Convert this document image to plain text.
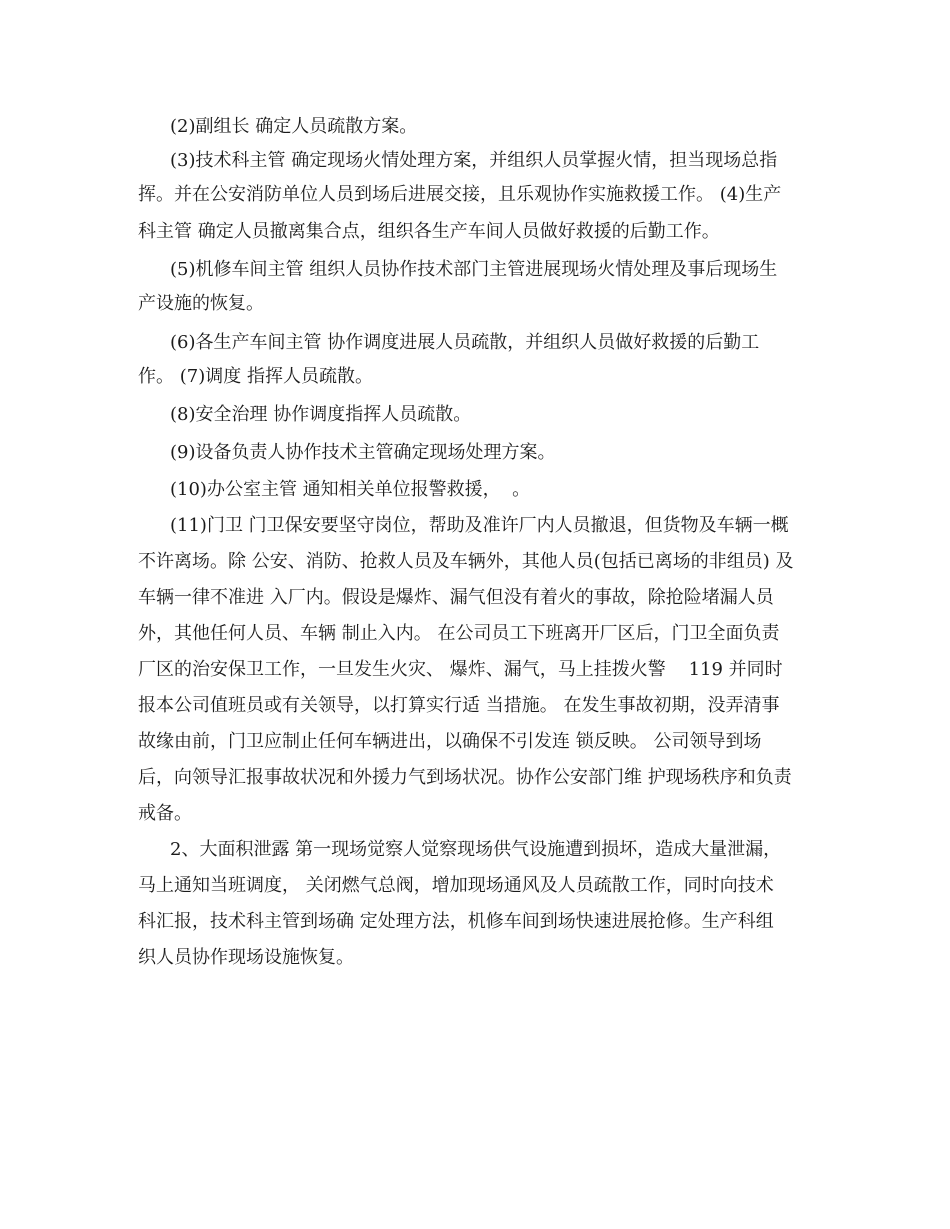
(2)副组长 确定人员疏散方案。

(3)技术科主管 确定现场火情处理方案，并组织人员掌握火情，担当现场总指

挥。并在公安消防单位人员到场后进展交接，且乐观协作实施救援工作。 (4)生产

科主管 确定人员撤离集合点，组织各生产车间人员做好救援的后勤工作。

(5)机修车间主管 组织人员协作技术部门主管进展现场火情处理及事后现场生

产设施的恢复。

(6)各生产车间主管 协作调度进展人员疏散，并组织人员做好救援的后勤工

作。 (7)调度 指挥人员疏散。

(8)安全治理 协作调度指挥人员疏散。

(9)设备负责人协作技术主管确定现场处理方案。

(10)办公室主管 通知相关单位报警救援，  。

(11)门卫 门卫保安要坚守岗位，帮助及准许厂内人员撤退，但货物及车辆一概

不许离场。除 公安、消防、抢救人员及车辆外，其他人员(包括已离场的非组员) 及

车辆一律不准进 入厂内。假设是爆炸、漏气但没有着火的事故，除抢险堵漏人员

外，其他任何人员、车辆 制止入内。 在公司员工下班离开厂区后，门卫全面负责

厂区的治安保卫工作，一旦发生火灾、 爆炸、漏气，马上挂拨火警    119 并同时

报本公司值班员或有关领导，以打算实行适 当措施。 在发生事故初期，没弄清事

故缘由前，门卫应制止任何车辆进出，以确保不引发连 锁反映。 公司领导到场

后，向领导汇报事故状况和外援力气到场状况。协作公安部门维 护现场秩序和负责

戒备。

2、大面积泄露 第一现场觉察人觉察现场供气设施遭到损坏，造成大量泄漏，

马上通知当班调度， 关闭燃气总阀，增加现场通风及人员疏散工作，同时向技术

科汇报，技术科主管到场确 定处理方法，机修车间到场快速进展抢修。生产科组

织人员协作现场设施恢复。
